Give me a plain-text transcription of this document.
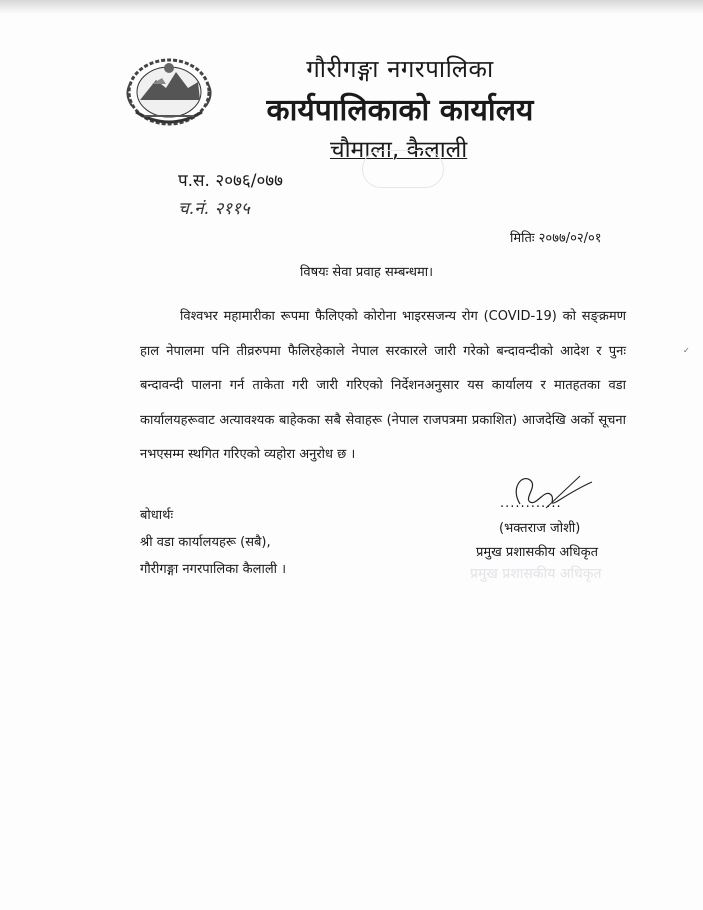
गौरीगङ्गा नगरपालिका
कार्यपालिकाको कार्यालय
चौमाला, कैलाली
प.स. २०७६/०७७
च.नं. २११५
मितिः २०७७/०२/०१
विषयः सेवा प्रवाह सम्बन्धमा।
विश्वभर महामारीका रूपमा फैलिएको कोरोना भाइरसजन्य रोग (COVID-19) को सङ्क्रमण हाल नेपालमा पनि तीव्ररुपमा फैलिरहेकाले नेपाल सरकारले जारी गरेको बन्दावन्दीको आदेश र पुनः बन्दावन्दी पालना गर्न ताकेता गरी जारी गरिएको निर्देशनअनुसार यस कार्यालय र मातहतका वडा कार्यालयहरूवाट अत्यावश्यक बाहेकका सबै सेवाहरू (नेपाल राजपत्रमा प्रकाशित) आजदेखि अर्को सूचना नभएसम्म स्थगित गरिएको व्यहोरा अनुरोध छ ।
बोधार्थः
श्री वडा कार्यालयहरू (सबै),
गौरीगङ्गा नगरपालिका कैलाली ।
............
(भक्तराज जोशी)
प्रमुख प्रशासकीय अधिकृत
प्रमुख प्रशासकीय अधिकृत
✓
